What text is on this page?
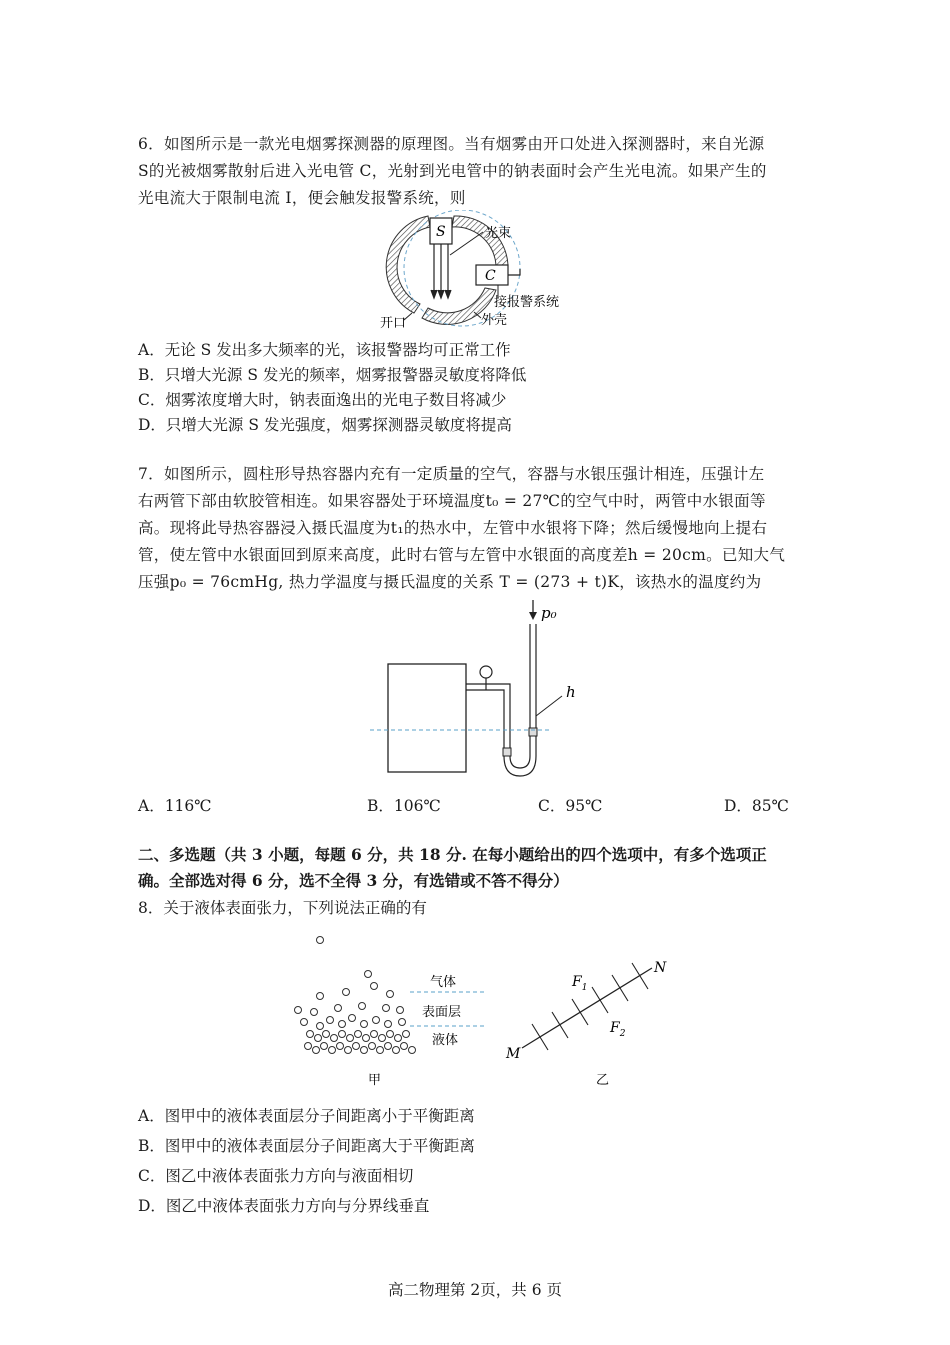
6．如图所示是一款光电烟雾探测器的原理图。当有烟雾由开口处进入探测器时，来自光源
S的光被烟雾散射后进入光电管 C，光射到光电管中的钠表面时会产生光电流。如果产生的
光电流大于限制电流 I，便会触发报警系统，则
S	光束
C
接报警系统
外壳
开口
A．无论 S 发出多大频率的光，该报警器均可正常工作
B．只增大光源 S 发光的频率，烟雾报警器灵敏度将降低
C．烟雾浓度增大时，钠表面逸出的光电子数目将减少
D．只增大光源 S 发光强度，烟雾探测器灵敏度将提高
7．如图所示，圆柱形导热容器内充有一定质量的空气，容器与水银压强计相连，压强计左
右两管下部由软胶管相连。如果容器处于环境温度t₀ = 27℃的空气中时，两管中水银面等
高。现将此导热容器浸入摄氏温度为t₁的热水中，左管中水银将下降；然后缓慢地向上提右
管，使左管中水银面回到原来高度，此时右管与左管中水银面的高度差h = 20cm。已知大气
压强p₀ = 76cmHg, 热力学温度与摄氏温度的关系 T = (273 + t)K，该热水的温度约为
p₀
h
A．116℃	B．106℃	C．95℃	D．85℃
二、多选题（共 3 小题，每题 6 分，共 18 分. 在每小题给出的四个选项中，有多个选项正
确。全部选对得 6 分，选不全得 3 分，有选错或不答不得分）
8．关于液体表面张力，下列说法正确的有
气体
表面层
液体
甲
$F_1$
$F_2$
M
N
乙
A．图甲中的液体表面层分子间距离小于平衡距离
B．图甲中的液体表面层分子间距离大于平衡距离
C．图乙中液体表面张力方向与液面相切
D．图乙中液体表面张力方向与分界线垂直
高二物理第 2页，共 6 页
